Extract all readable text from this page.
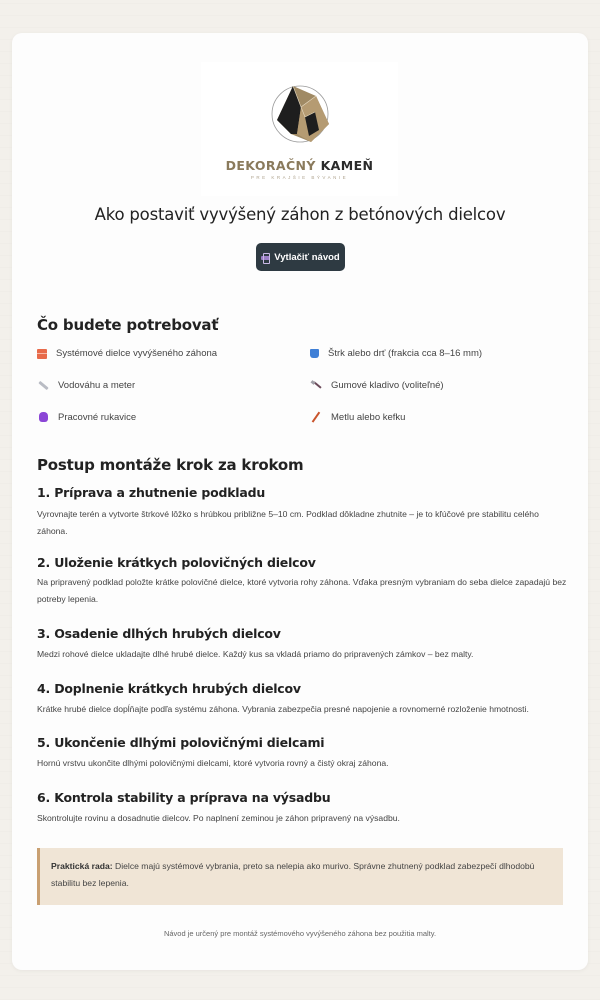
DEKORAČNÝ KAMEŇ
PRE KRAJŠIE BÝVANIE
Ako postaviť vyvýšený záhon z betónových dielcov
Vytlačiť návod
Čo budete potrebovať
Systémové dielce vyvýšeného záhona	Štrk alebo drť (frakcia cca 8–16 mm)
Vodováhu a meter	Gumové kladivo (voliteľné)
Pracovné rukavice	Metlu alebo kefku
Postup montáže krok za krokom
1. Príprava a zhutnenie podkladu

Vyrovnajte terén a vytvorte štrkové lôžko s hrúbkou približne 5–10 cm. Podklad dôkladne zhutnite – je to kľúčové pre stabilitu celého záhona.

2. Uloženie krátkych polovičných dielcov

Na pripravený podklad položte krátke polovičné dielce, ktoré vytvoria rohy záhona. Vďaka presným vybraniam do seba dielce zapadajú bez potreby lepenia.

3. Osadenie dlhých hrubých dielcov

Medzi rohové dielce ukladajte dlhé hrubé dielce. Každý kus sa vkladá priamo do pripravených zámkov – bez malty.

4. Doplnenie krátkych hrubých dielcov

Krátke hrubé dielce dopĺňajte podľa systému záhona. Vybrania zabezpečia presné napojenie a rovnomerné rozloženie hmotnosti.

5. Ukončenie dlhými polovičnými dielcami

Hornú vrstvu ukončite dlhými polovičnými dielcami, ktoré vytvoria rovný a čistý okraj záhona.

6. Kontrola stability a príprava na výsadbu

Skontrolujte rovinu a dosadnutie dielcov. Po naplnení zeminou je záhon pripravený na výsadbu.

Praktická rada: Dielce majú systémové vybrania, preto sa nelepia ako murivo. Správne zhutnený podklad zabezpečí dlhodobú stabilitu bez lepenia.
Návod je určený pre montáž systémového vyvýšeného záhona bez použitia malty.
